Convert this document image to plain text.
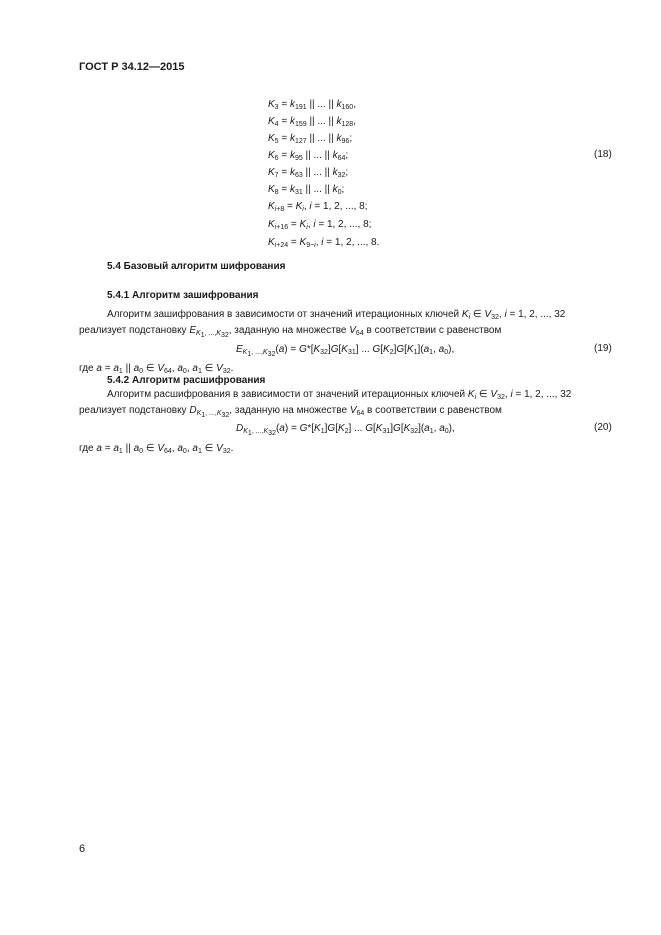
ГОСТ Р 34.12—2015
$K_3 = k_{191}$ || ... || $k_{160}$,
$K_4 = k_{159}$ || ... || $k_{128}$,
$K_5 = k_{127}$ || ... || $k_{96}$;
$K_6 = k_{95}$ || ... || $k_{64}$;
$K_7 = k_{63}$ || ... || $k_{32}$;
$K_8 = k_{31}$ || ... || $k_0$;
$K_{i+8} = K_i$, i = 1, 2, ..., 8;
$K_{i+16} = K_i$, i = 1, 2, ..., 8;
$K_{i+24} = K_{9-i}$, i = 1, 2, ..., 8.
(18)
5.4 Базовый алгоритм шифрования
5.4.1 Алгоритм зашифрования
Алгоритм зашифрования в зависимости от значений итерационных ключей $K_i$ ∈ $V_{32}$, i = 1, 2, ..., 32
реализует подстановку $E_{K_1, ...,K_{32}}$, заданную на множестве $V_{64}$ в соответствии с равенством
$E_{K_1, ...,K_{32}}(a) = G*[K_{32}]G[K_{31}]$ ... $G[K_2]G[K_1](a_1$, $a_0$),	(19)
где $a = a_1$ || $a_0$ ∈ $V_{64}$, $a_0$, $a_1$ ∈ $V_{32}$.
5.4.2 Алгоритм расшифрования
Алгоритм расшифрования в зависимости от значений итерационных ключей $K_i$ ∈ $V_{32}$, i = 1, 2, ..., 32
реализует подстановку $D_{K_1, ...,K_{32}}$, заданную на множестве $V_{64}$ в соответствии с равенством
$D_{K_1, ...,K_{32}}(a) = G*[K_1]G[K_2]$ ... $G[K_{31}]G[K_{32}](a_1$, $a_0$),	(20)
где $a = a_1$ || $a_0$ ∈ $V_{64}$, $a_0$, $a_1$ ∈ $V_{32}$.
6
